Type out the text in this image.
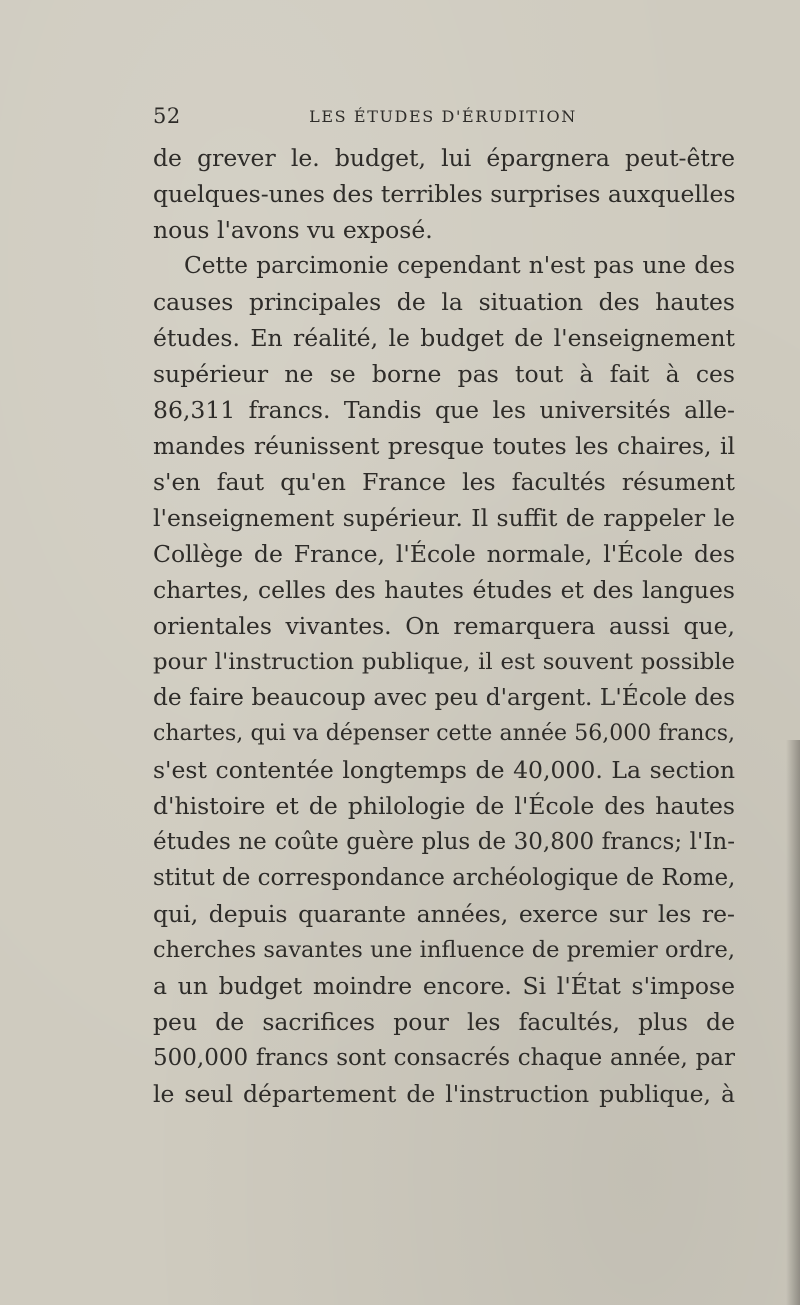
52	LES ÉTUDES D'ÉRUDITION
de grever le. budget, lui épargnera peut-être
quelques-unes des terribles surprises auxquelles
nous l'avons vu exposé.
Cette parcimonie cependant n'est pas une des
causes principales de la situation des hautes
études. En réalité, le budget de l'enseignement
supérieur ne se borne pas tout à fait à ces
86,311 francs. Tandis que les universités alle-
mandes réunissent presque toutes les chaires, il
s'en faut qu'en France les facultés résument
l'enseignement supérieur. Il suffit de rappeler le
Collège de France, l'École normale, l'École des
chartes, celles des hautes études et des langues
orientales vivantes. On remarquera aussi que,
pour l'instruction publique, il est souvent possible
de faire beaucoup avec peu d'argent. L'École des
chartes, qui va dépenser cette année 56,000 francs,
s'est contentée longtemps de 40,000. La section
d'histoire et de philologie de l'École des hautes
études ne coûte guère plus de 30,800 francs; l'In-
stitut de correspondance archéologique de Rome,
qui, depuis quarante années, exerce sur les re-
cherches savantes une influence de premier ordre,
a un budget moindre encore. Si l'État s'impose
peu de sacrifices pour les facultés, plus de
500,000 francs sont consacrés chaque année, par
le seul département de l'instruction publique, à
